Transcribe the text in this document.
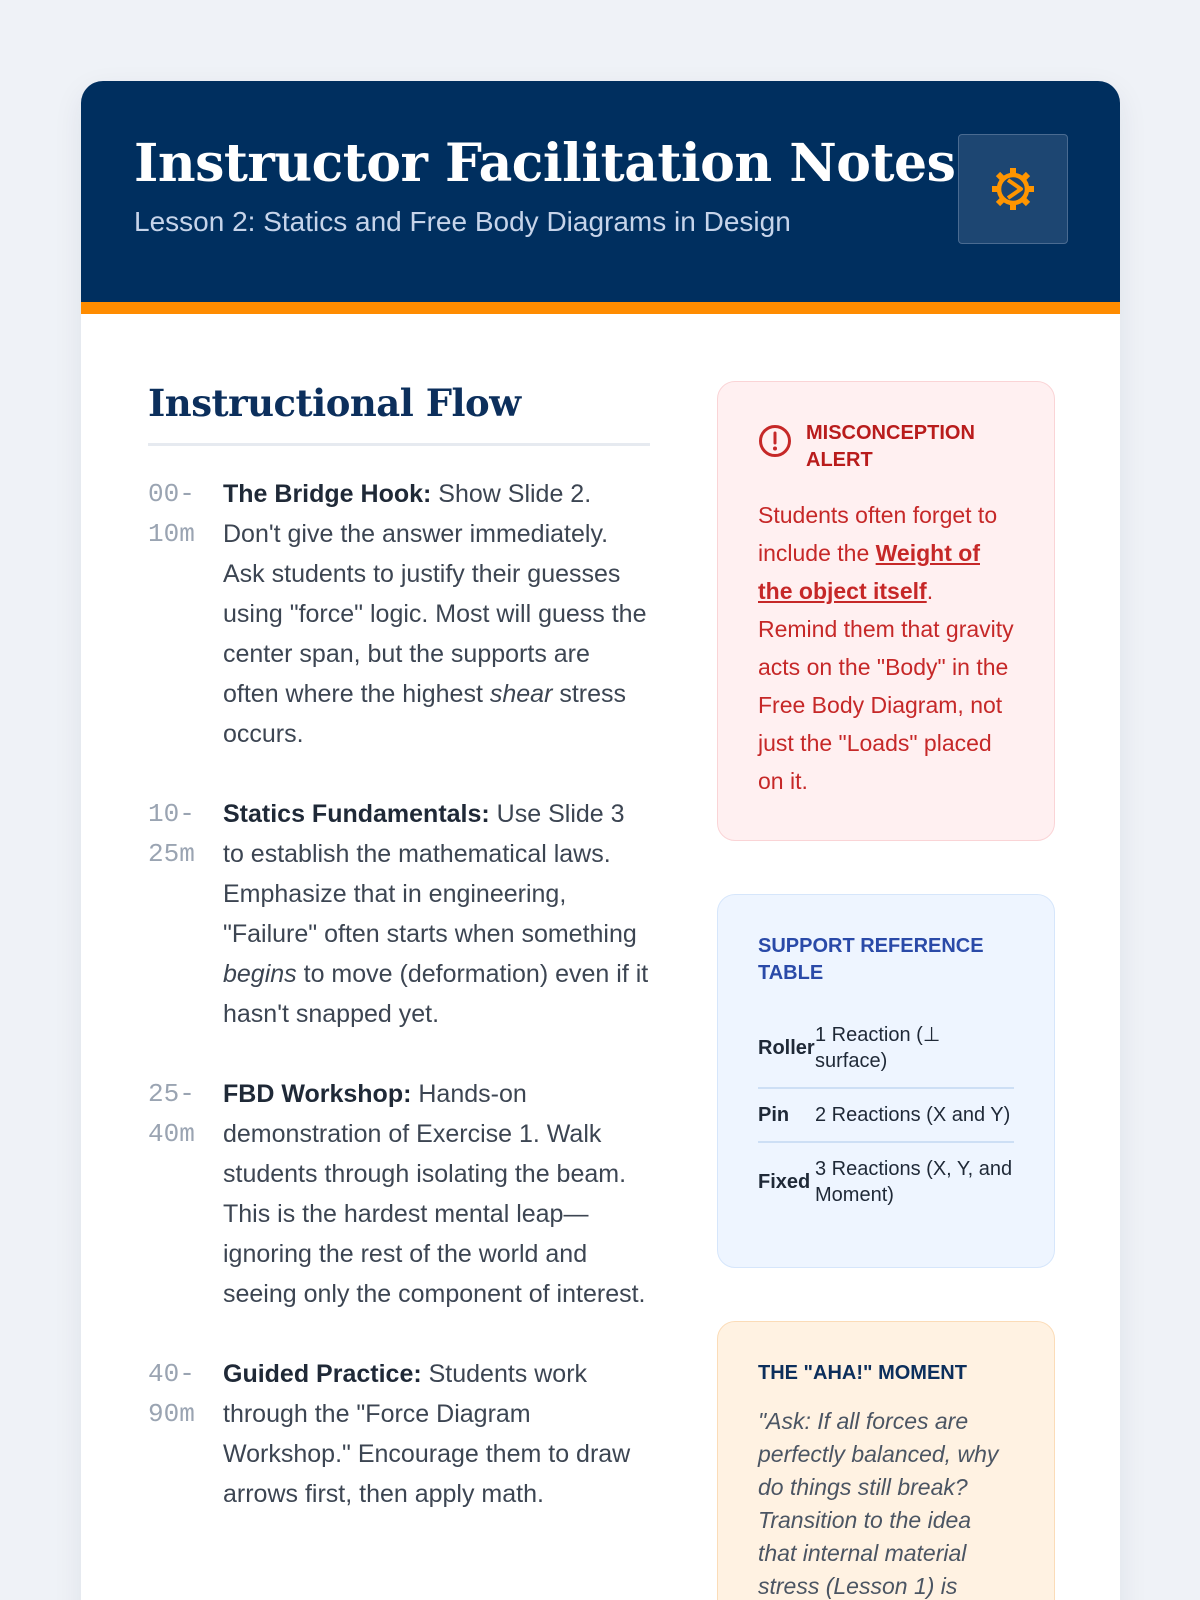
Instructor Facilitation Notes
Lesson 2: Statics and Free Body Diagrams in Design
Instructional Flow
00-
10m
The Bridge Hook: Show Slide 2. Don't give the answer immediately. Ask students to justify their guesses using "force" logic. Most will guess the center span, but the supports are often where the highest shear stress occurs.
10-
25m
Statics Fundamentals: Use Slide 3 to establish the mathematical laws. Emphasize that in engineering, "Failure" often starts when something begins to move (deformation) even if it hasn't snapped yet.
25-
40m
FBD Workshop: Hands-on demonstration of Exercise 1. Walk students through isolating the beam. This is the hardest mental leap—ignoring the rest of the world and seeing only the component of interest.
40-
90m
Guided Practice: Students work through the "Force Diagram Workshop." Encourage them to draw arrows first, then apply math.
MISCONCEPTION ALERT
Students often forget to include the Weight of the object itself. Remind them that gravity acts on the "Body" in the Free Body Diagram, not just the "Loads" placed on it.
SUPPORT REFERENCE TABLE
Roller	1 Reaction (⊥ surface)
Pin	2 Reactions (X and Y)
Fixed	3 Reactions (X, Y, and Moment)
THE "AHA!" MOMENT
"Ask: If all forces are perfectly balanced, why do things still break? Transition to the idea that internal material stress (Lesson 1) is
